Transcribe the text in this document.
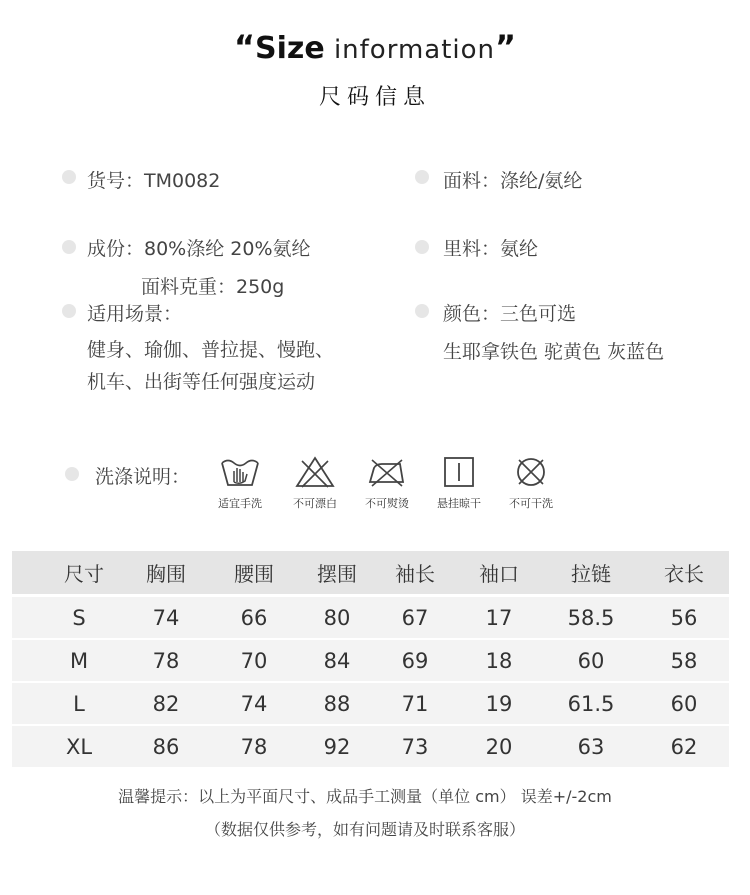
“Size information”
尺码信息
货号：TM0082	面料：涤纶/氨纶
成份：80%涤纶 20%氨纶
面料克重：250g
里料：氨纶
适用场景：
健身、瑜伽、普拉提、慢跑、
机车、出街等任何强度运动
颜色：三色可选
生耶拿铁色 驼黄色 灰蓝色
洗涤说明：
适宜手洗	不可漂白	不可熨烫	悬挂晾干	不可干洗
尺寸	胸围	腰围	摆围	袖长	袖口	拉链	衣长
S	74	66	80	67	17	58.5	56
M	78	70	84	69	18	60	58
L	82	74	88	71	19	61.5	60
XL	86	78	92	73	20	63	62
温馨提示：以上为平面尺寸、成品手工测量（单位 cm） 误差+/-2cm
（数据仅供参考，如有问题请及时联系客服）
